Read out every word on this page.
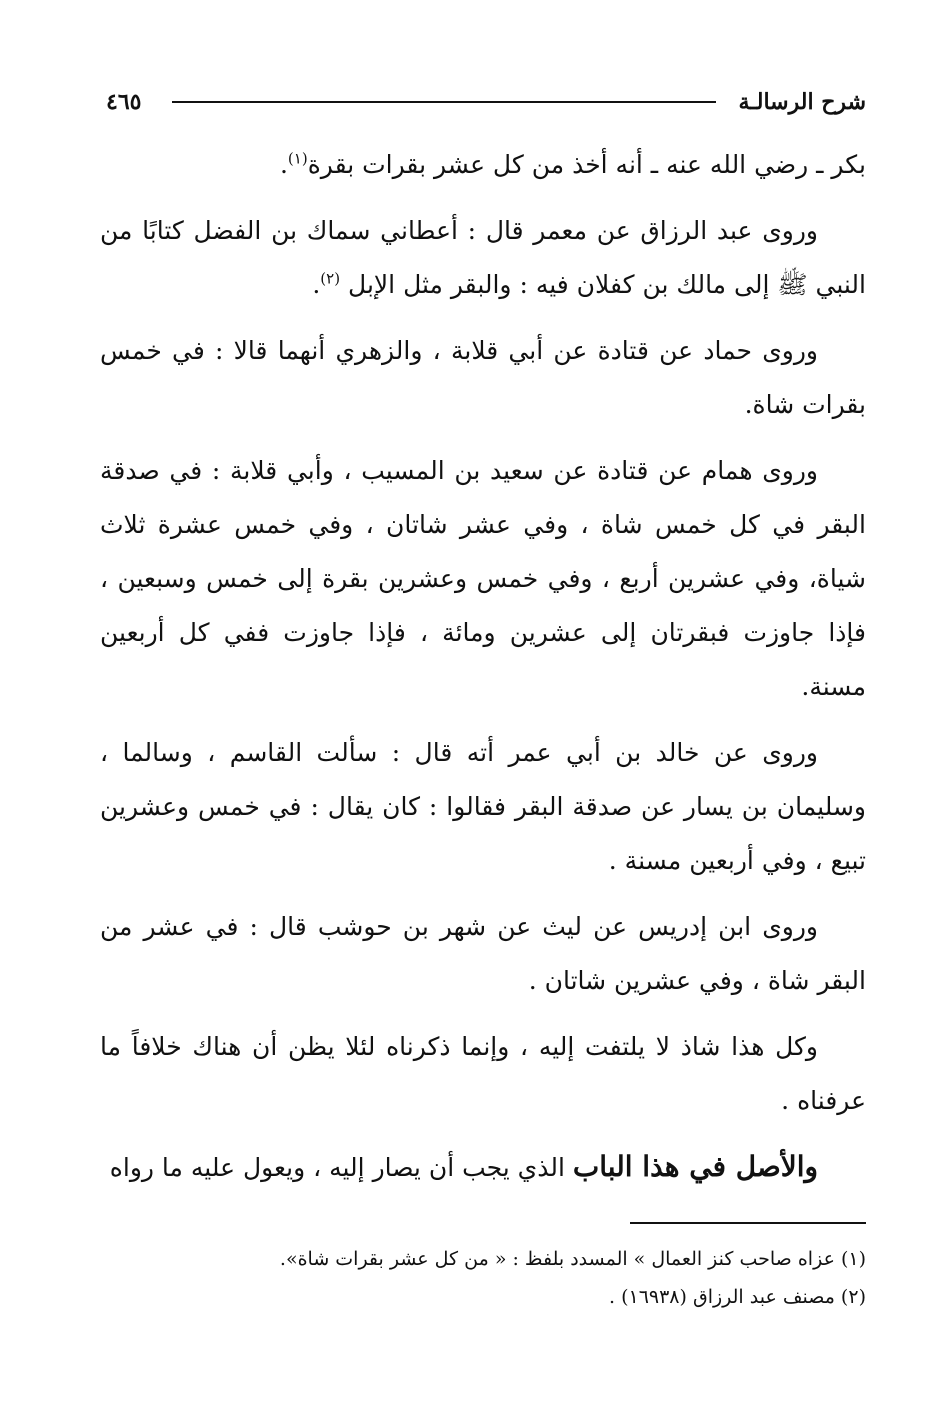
شرح الرسالـة
٤٦٥

بكر ـ رضي الله عنه ـ أنه أخذ من كل عشر بقرات بقرة$^{(١)}$.

وروى عبد الرزاق عن معمر قال : أعطاني سماك بن الفضل كتابًا من النبي ﷺ إلى مالك بن كفلان فيه : والبقر مثل الإبل $^{(٢)}$.

وروى حماد عن قتادة عن أبي قلابة ، والزهري أنهما قالا : في خمس بقرات شاة.

وروى همام عن قتادة عن سعيد بن المسيب ، وأبي قلابة : في صدقة البقر في كل خمس شاة ، وفي عشر شاتان ، وفي خمس عشرة ثلاث شياة، وفي عشرين أربع ، وفي خمس وعشرين بقرة إلى خمس وسبعين ، فإذا جاوزت فبقرتان إلى عشرين ومائة ، فإذا جاوزت ففي كل أربعين مسنة.

وروى عن خالد بن أبي عمر أته قال : سألت القاسم ، وسالما ، وسليمان بن يسار عن صدقة البقر فقالوا : كان يقال : في خمس وعشرين تبيع ، وفي أربعين مسنة .

وروى ابن إدريس عن ليث عن شهر بن حوشب قال : في عشر من البقر شاة ، وفي عشرين شاتان .

وكل هذا شاذ لا يلتفت إليه ، وإنما ذكرناه لئلا يظن أن هناك خلافاً ما عرفناه .

والأصل في هذا الباب الذي يجب أن يصار إليه ، ويعول عليه ما رواه

(١) عزاه صاحب كنز العمال » المسدد بلفظ : « من كل عشر بقرات شاة».

(٢) مصنف عبد الرزاق (١٦٩٣٨) .
